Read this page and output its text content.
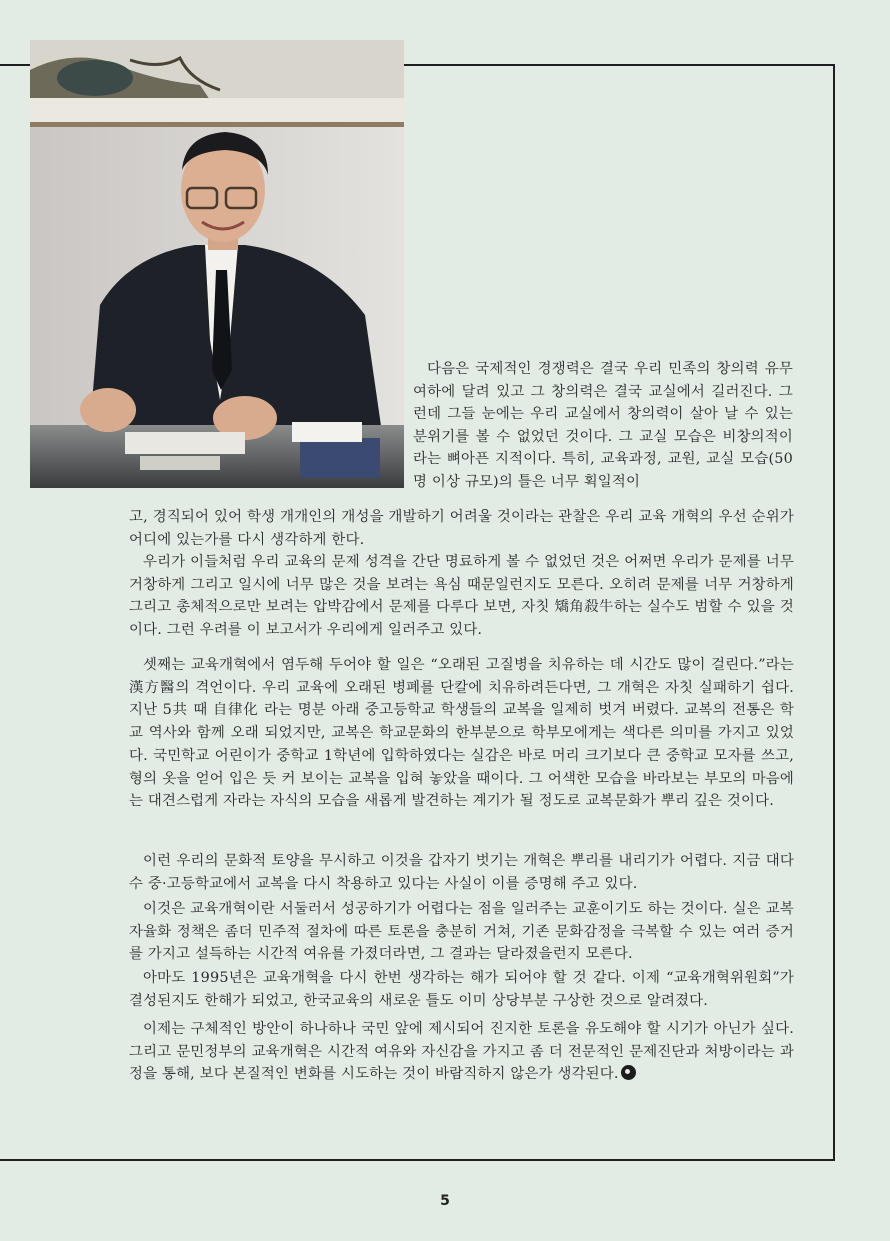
다음은 국제적인 경쟁력은 결국 우리 민족의 창의력 유무여하에 달려 있고 그 창의력은 결국 교실에서 길러진다. 그런데 그들 눈에는 우리 교실에서 창의력이 살아 날 수 있는 분위기를 볼 수 없었던 것이다. 그 교실 모습은 비창의적이라는 뼈아픈 지적이다. 특히, 교육과정, 교원, 교실 모습(50명 이상 규모)의 틀은 너무 획일적이

고, 경직되어 있어 학생 개개인의 개성을 개발하기 어려울 것이라는 관찰은 우리 교육 개혁의 우선 순위가 어디에 있는가를 다시 생각하게 한다.

우리가 이들처럼 우리 교육의 문제 성격을 간단 명료하게 볼 수 없었던 것은 어쩌면 우리가 문제를 너무 거창하게 그리고 일시에 너무 많은 것을 보려는 욕심 때문일런지도 모른다. 오히려 문제를 너무 거창하게 그리고 총체적으로만 보려는 압박감에서 문제를 다루다 보면, 자칫 矯角殺牛하는 실수도 범할 수 있을 것이다. 그런 우려를 이 보고서가 우리에게 일러주고 있다.

셋째는 교육개혁에서 염두해 두어야 할 일은 “오래된 고질병을 치유하는 데 시간도 많이 걸린다.”라는 漢方醫의 격언이다. 우리 교육에 오래된 병폐를 단칼에 치유하려든다면, 그 개혁은 자칫 실패하기 쉽다. 지난 5共 때 自律化 라는 명분 아래 중고등학교 학생들의 교복을 일제히 벗겨 버렸다. 교복의 전통은 학교 역사와 함께 오래 되었지만, 교복은 학교문화의 한부분으로 학부모에게는 색다른 의미를 가지고 있었다. 국민학교 어린이가 중학교 1학년에 입학하였다는 실감은 바로 머리 크기보다 큰 중학교 모자를 쓰고, 형의 옷을 얻어 입은 듯 커 보이는 교복을 입혀 놓았을 때이다. 그 어색한 모습을 바라보는 부모의 마음에는 대견스럽게 자라는 자식의 모습을 새롭게 발견하는 계기가 될 정도로 교복문화가 뿌리 깊은 것이다.

이런 우리의 문화적 토양을 무시하고 이것을 갑자기 벗기는 개혁은 뿌리를 내리기가 어렵다. 지금 대다수 중·고등학교에서 교복을 다시 착용하고 있다는 사실이 이를 증명해 주고 있다.

이것은 교육개혁이란 서둘러서 성공하기가 어렵다는 점을 일러주는 교훈이기도 하는 것이다. 실은 교복 자율화 정책은 좀더 민주적 절차에 따른 토론을 충분히 거쳐, 기존 문화감정을 극복할 수 있는 여러 증거를 가지고 설득하는 시간적 여유를 가졌더라면, 그 결과는 달라졌을런지 모른다.

아마도 1995년은 교육개혁을 다시 한번 생각하는 해가 되어야 할 것 같다. 이제 “교육개혁위원회”가 결성된지도 한해가 되었고, 한국교육의 새로운 틀도 이미 상당부분 구상한 것으로 알려졌다.

이제는 구체적인 방안이 하나하나 국민 앞에 제시되어 진지한 토론을 유도해야 할 시기가 아닌가 싶다. 그리고 문민정부의 교육개혁은 시간적 여유와 자신감을 가지고 좀 더 전문적인 문제진단과 처방이라는 과정을 통해, 보다 본질적인 변화를 시도하는 것이 바람직하지 않은가 생각된다.

5
